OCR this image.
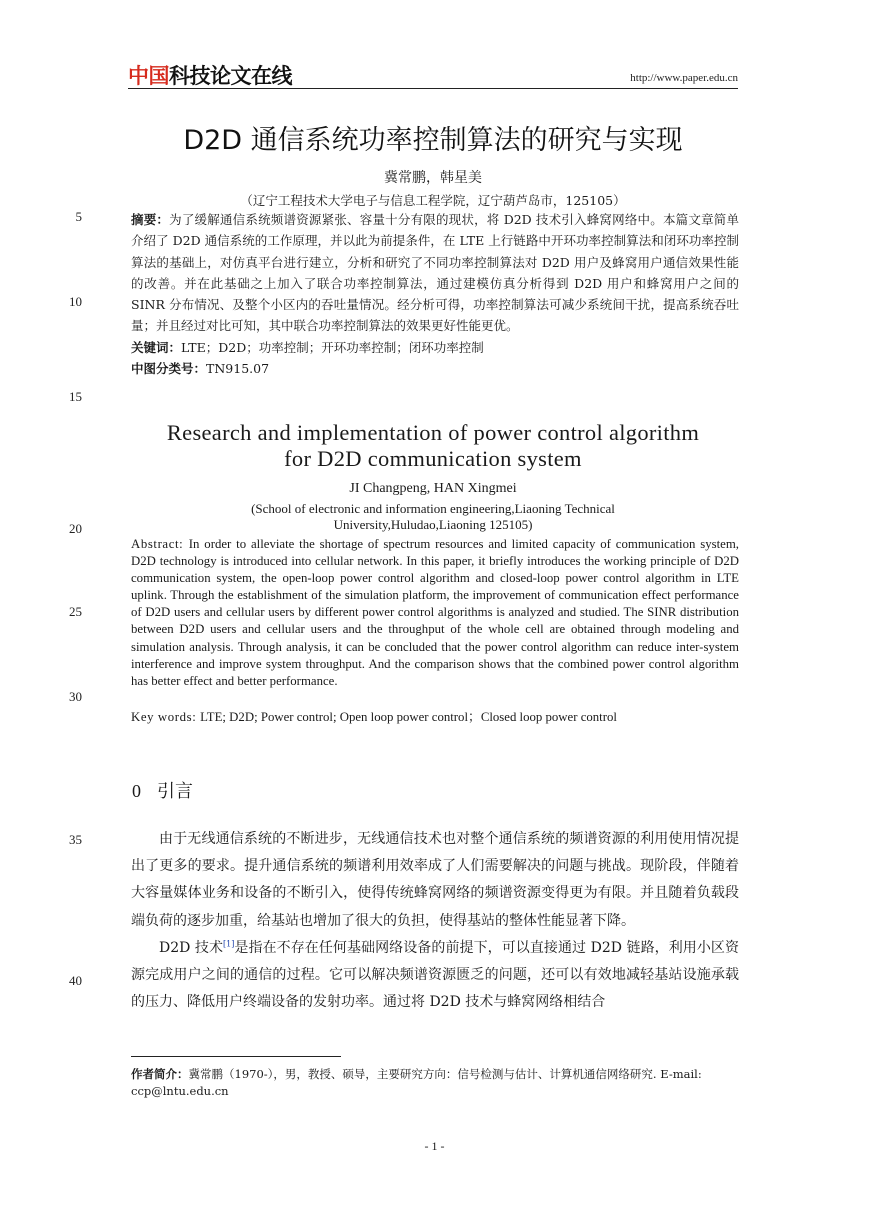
中国科技论文在线	http://www.paper.edu.cn
D2D 通信系统功率控制算法的研究与实现
冀常鹏，韩星美
（辽宁工程技术大学电子与信息工程学院，辽宁葫芦岛市，125105）
5
10
15
20
25
30
35
40
摘要：为了缓解通信系统频谱资源紧张、容量十分有限的现状，将 D2D 技术引入蜂窝网络中。本篇文章简单介绍了 D2D 通信系统的工作原理，并以此为前提条件，在 LTE 上行链路中开环功率控制算法和闭环功率控制算法的基础上，对仿真平台进行建立，分析和研究了不同功率控制算法对 D2D 用户及蜂窝用户通信效果性能的改善。并在此基础之上加入了联合功率控制算法，通过建模仿真分析得到 D2D 用户和蜂窝用户之间的 SINR 分布情况、及整个小区内的吞吐量情况。经分析可得，功率控制算法可减少系统间干扰，提高系统吞吐量；并且经过对比可知，其中联合功率控制算法的效果更好性能更优。
关键词：LTE；D2D；功率控制；开环功率控制；闭环功率控制
中图分类号：TN915.07
Research and implementation of power control algorithm
for D2D communication system
JI Changpeng, HAN Xingmei
(School of electronic and information engineering,Liaoning Technical
University,Huludao,Liaoning 125105)
Abstract: In order to alleviate the shortage of spectrum resources and limited capacity of communication system, D2D technology is introduced into cellular network. In this paper, it briefly introduces the working principle of D2D communication system, the open-loop power control algorithm and closed-loop power control algorithm in LTE uplink. Through the establishment of the simulation platform, the improvement of communication effect performance of D2D users and cellular users by different power control algorithms is analyzed and studied. The SINR distribution between D2D users and cellular users and the throughput of the whole cell are obtained through modeling and simulation analysis. Through analysis, it can be concluded that the power control algorithm can reduce inter-system interference and improve system throughput. And the comparison shows that the combined power control algorithm has better effect and better performance.
Key words: LTE; D2D; Power control; Open loop power control；Closed loop power control
0 引言

由于无线通信系统的不断进步，无线通信技术也对整个通信系统的频谱资源的利用使用情况提出了更多的要求。提升通信系统的频谱利用效率成了人们需要解决的问题与挑战。现阶段，伴随着大容量媒体业务和设备的不断引入，使得传统蜂窝网络的频谱资源变得更为有限。并且随着负载段端负荷的逐步加重，给基站也增加了很大的负担，使得基站的整体性能显著下降。

D2D 技术[1]是指在不存在任何基础网络设备的前提下，可以直接通过 D2D 链路，利用小区资源完成用户之间的通信的过程。它可以解决频谱资源匮乏的问题，还可以有效地减轻基站设施承载的压力、降低用户终端设备的发射功率。通过将 D2D 技术与蜂窝网络相结合

作者简介：冀常鹏（1970-），男，教授、硕导，主要研究方向：信号检测与估计、计算机通信网络研究. E-mail: ccp@lntu.edu.cn
- 1 -
